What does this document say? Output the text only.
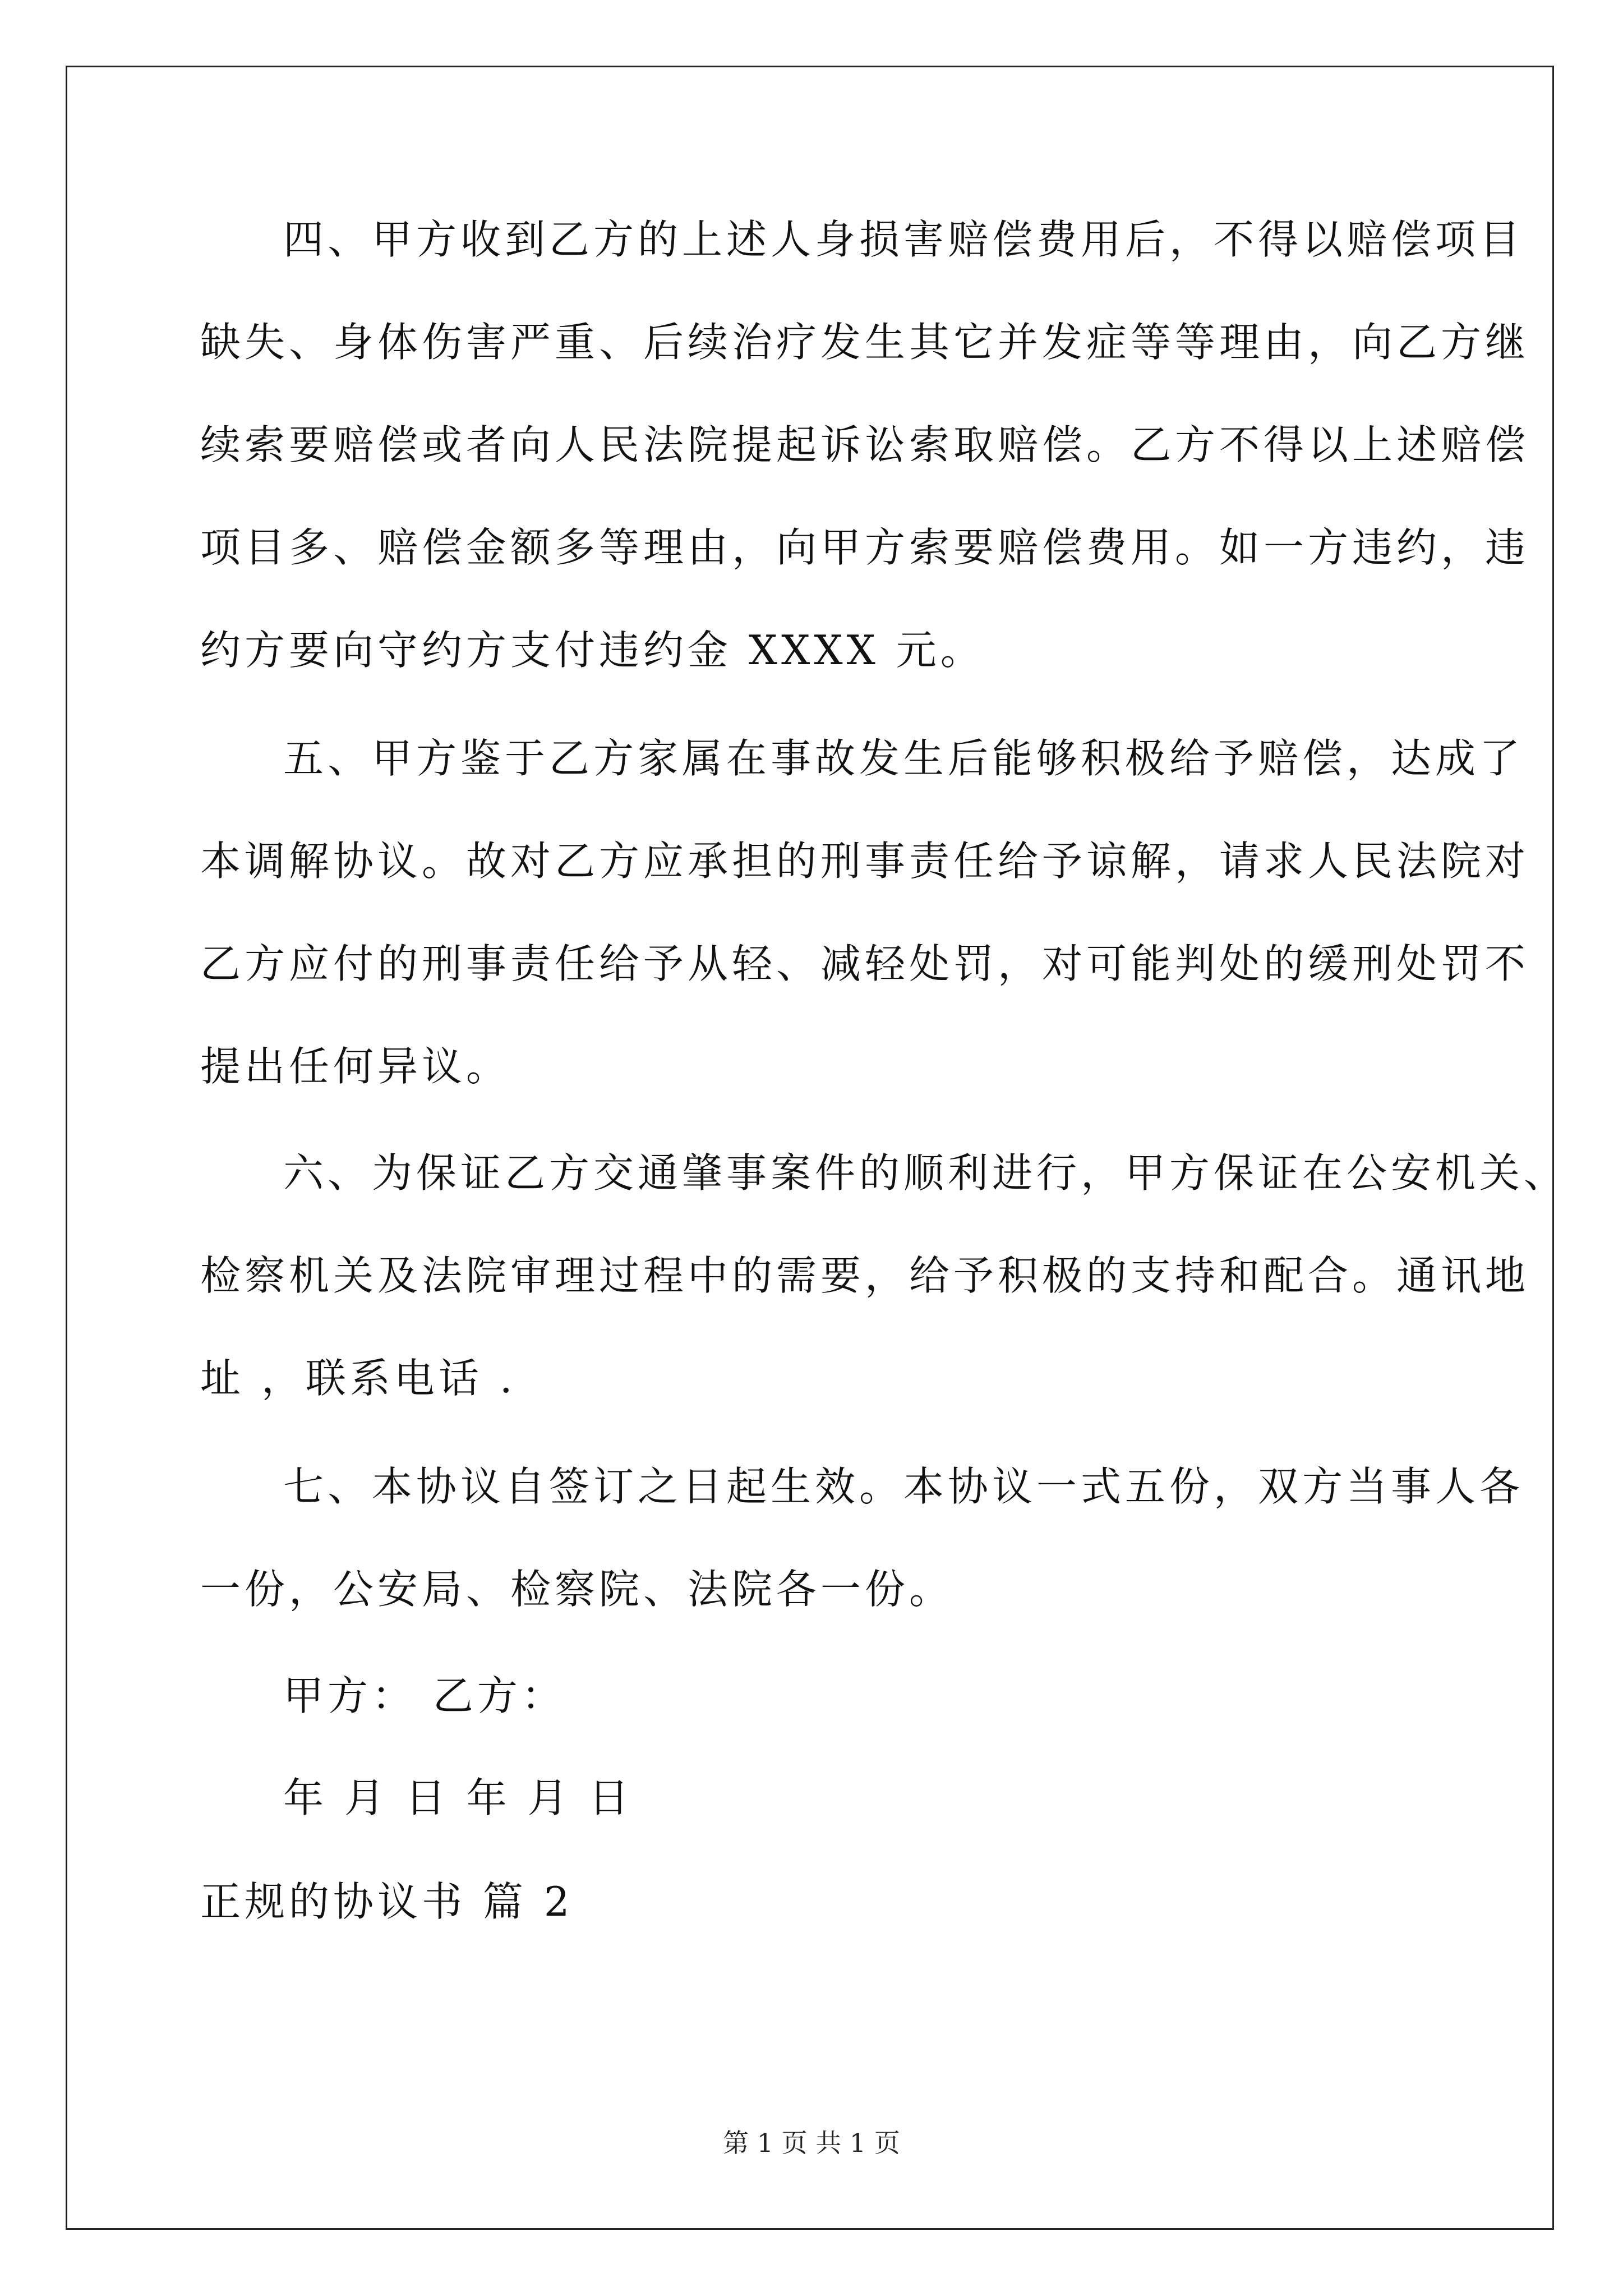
四、甲方收到乙方的上述人身损害赔偿费用后，不得以赔偿项目
缺失、身体伤害严重、后续治疗发生其它并发症等等理由，向乙方继
续索要赔偿或者向人民法院提起诉讼索取赔偿。乙方不得以上述赔偿
项目多、赔偿金额多等理由，向甲方索要赔偿费用。如一方违约，违
约方要向守约方支付违约金 XXXX 元。
五、甲方鉴于乙方家属在事故发生后能够积极给予赔偿，达成了
本调解协议。故对乙方应承担的刑事责任给予谅解，请求人民法院对
乙方应付的刑事责任给予从轻、减轻处罚，对可能判处的缓刑处罚不
提出任何异议。
六、为保证乙方交通肇事案件的顺利进行，甲方保证在公安机关、
检察机关及法院审理过程中的需要，给予积极的支持和配合。通讯地
址 ，联系电话 .
七、本协议自签订之日起生效。本协议一式五份，双方当事人各
一份，公安局、检察院、法院各一份。
甲方： 乙方：
年 月 日 年 月 日
正规的协议书 篇 2
第 1 页 共 1 页
